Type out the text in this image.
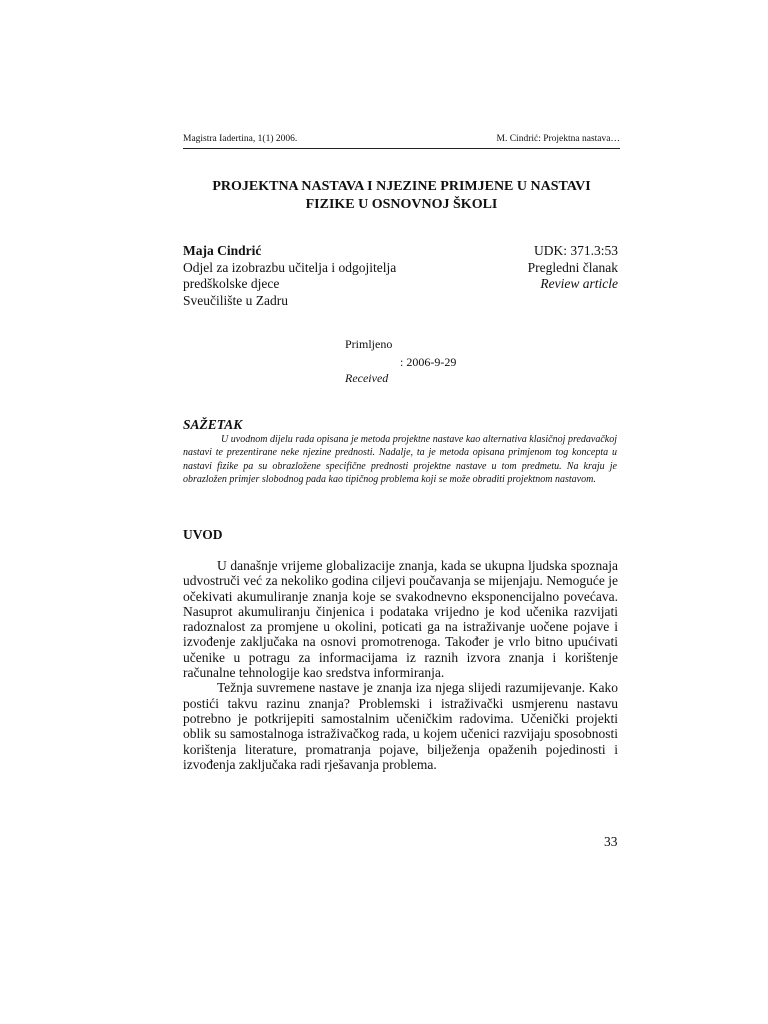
Magistra Iadertina, 1(1) 2006.	M. Cindrić: Projektna nastava…
PROJEKTNA NASTAVA I NJEZINE PRIMJENE U NASTAVI
FIZIKE U OSNOVNOJ ŠKOLI
Maja Cindrić
Odjel za izobrazbu učitelja i odgojitelja
predškolske djece
Sveučilište u Zadru
UDK: 371.3:53
Pregledni članak
Review article
Primljeno
: 2006-9-29
Received
SAŽETAK
U uvodnom dijelu rada opisana je metoda projektne nastave kao alternativa klasičnoj predavačkoj nastavi te prezentirane neke njezine prednosti. Nadalje, ta je metoda opisana primjenom tog koncepta u nastavi fizike pa su obrazložene specifične prednosti projektne nastave u tom predmetu. Na kraju je obrazložen primjer slobodnog pada kao tipičnog problema koji se može obraditi projektnom nastavom.
UVOD

U današnje vrijeme globalizacije znanja, kada se ukupna ljudska spoznaja udvostruči već za nekoliko godina ciljevi poučavanja se mijenjaju. Nemoguće je očekivati akumuliranje znanja koje se svakodnevno eksponencijalno povećava. Nasuprot akumuliranju činjenica i podataka vrijedno je kod učenika razvijati radoznalost za promjene u okolini, poticati ga na istraživanje uočene pojave i izvođenje zaključaka na osnovi promotrenoga. Također je vrlo bitno upućivati učenike u potragu za informacijama iz raznih izvora znanja i korištenje računalne tehnologije kao sredstva informiranja.

Težnja suvremene nastave je znanja iza njega slijedi razumijevanje. Kako postići takvu razinu znanja? Problemski i istraživački usmjerenu nastavu potrebno je potkrijepiti samostalnim učeničkim radovima. Učenički projekti oblik su samostalnoga istraživačkog rada, u kojem učenici razvijaju sposobnosti korištenja literature, promatranja pojave, bilježenja opaženih pojedinosti i izvođenja zaključaka radi rješavanja problema.

33
